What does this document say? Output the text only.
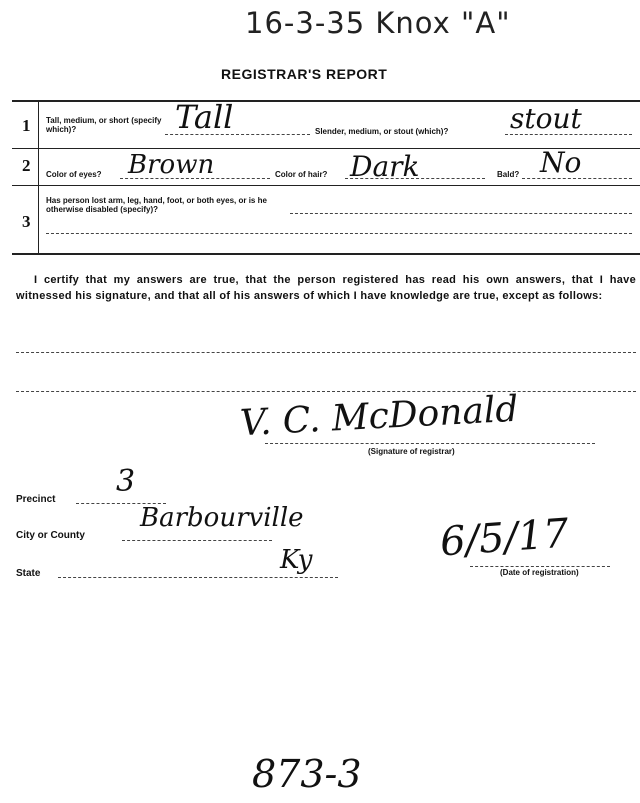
16-3-35 Knox "A"
REGISTRAR'S REPORT
1 Tall, medium, or short (specify which)?	Tall	Slender, medium, or stout (which)? stout
2 Color of eyes? Brown	Color of hair? Dark	Bald? No
3
Has person lost arm, leg, hand, foot, or both eyes, or is he otherwise disabled (specify)?
I certify that my answers are true, that the person registered has read his own answers, that I have witnessed his signature, and that all of his answers of which I have knowledge are true, except as follows:
V. C. McDonald
(Signature of registrar)
Precinct
3
City or County
Barbourville
State	Ky	6/5/17
(Date of registration)
873-3
